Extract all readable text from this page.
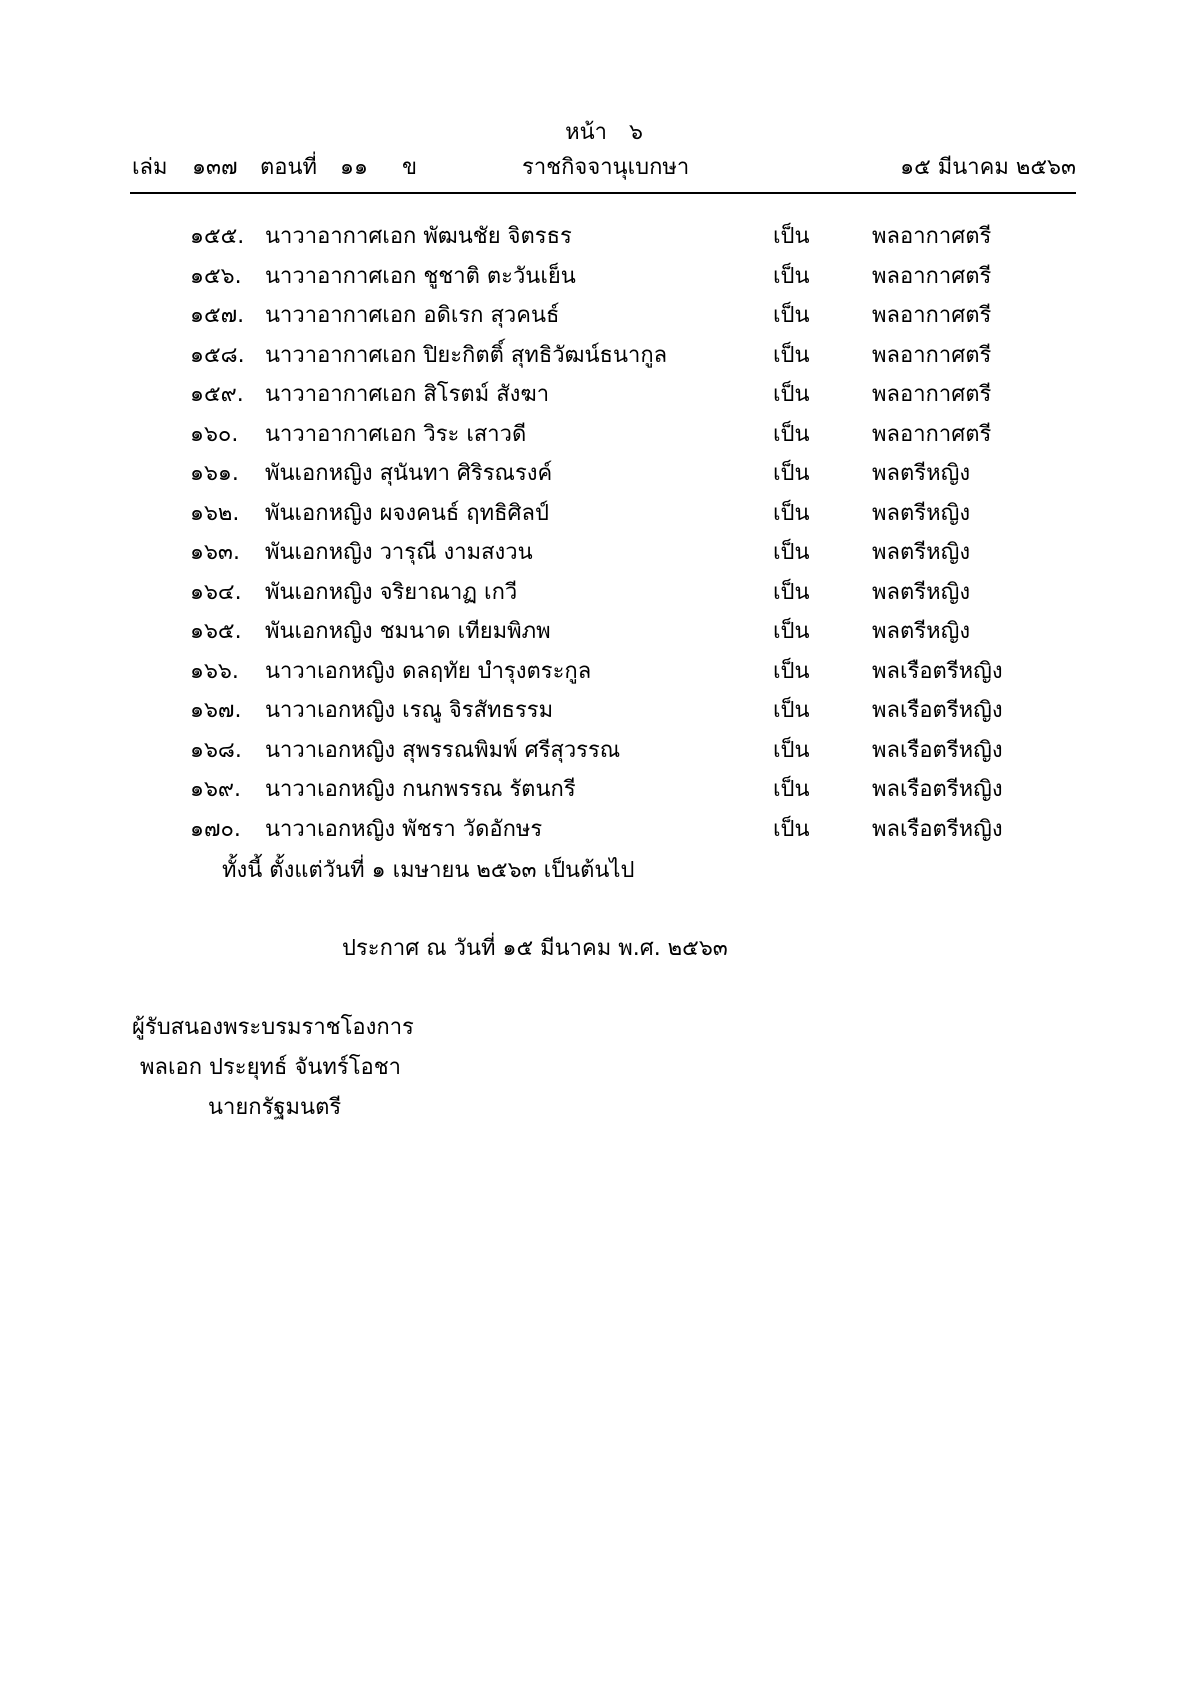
หน้า ๖
เล่ม ๑๓๗ ตอนที่ ๑๑ ข	ราชกิจจานุเบกษา	๑๕ มีนาคม ๒๕๖๓
๑๕๕. นาวาอากาศเอก พัฒนชัย จิตรธร	เป็น	พลอากาศตรี
๑๕๖. นาวาอากาศเอก ชูชาติ ตะวันเย็น	เป็น	พลอากาศตรี
๑๕๗. นาวาอากาศเอก อดิเรก สุวคนธ์	เป็น	พลอากาศตรี
๑๕๘. นาวาอากาศเอก ปิยะกิตติ์ สุทธิวัฒน์ธนากูล	เป็น	พลอากาศตรี
๑๕๙. นาวาอากาศเอก สิโรตม์ สังฆา	เป็น	พลอากาศตรี
๑๖๐. นาวาอากาศเอก วิระ เสาวดี	เป็น	พลอากาศตรี
๑๖๑. พันเอกหญิง สุนันทา ศิริรณรงค์	เป็น	พลตรีหญิง
๑๖๒. พันเอกหญิง ผจงคนธ์ ฤทธิศิลป์	เป็น	พลตรีหญิง
๑๖๓. พันเอกหญิง วารุณี งามสงวน	เป็น	พลตรีหญิง
๑๖๔. พันเอกหญิง จริยาณาฏ เกวี	เป็น	พลตรีหญิง
๑๖๕. พันเอกหญิง ชมนาด เทียมพิภพ	เป็น	พลตรีหญิง
๑๖๖. นาวาเอกหญิง ดลฤทัย บำรุงตระกูล	เป็น	พลเรือตรีหญิง
๑๖๗. นาวาเอกหญิง เรณู จิรสัทธรรม	เป็น	พลเรือตรีหญิง
๑๖๘. นาวาเอกหญิง สุพรรณพิมพ์ ศรีสุวรรณ	เป็น	พลเรือตรีหญิง
๑๖๙. นาวาเอกหญิง กนกพรรณ รัตนกรี	เป็น	พลเรือตรีหญิง
๑๗๐. นาวาเอกหญิง พัชรา วัดอักษร	เป็น	พลเรือตรีหญิง
ทั้งนี้ ตั้งแต่วันที่ ๑ เมษายน ๒๕๖๓ เป็นต้นไป
ประกาศ ณ วันที่ ๑๕ มีนาคม พ.ศ. ๒๕๖๓
ผู้รับสนองพระบรมราชโองการ
พลเอก ประยุทธ์ จันทร์โอชา
นายกรัฐมนตรี
